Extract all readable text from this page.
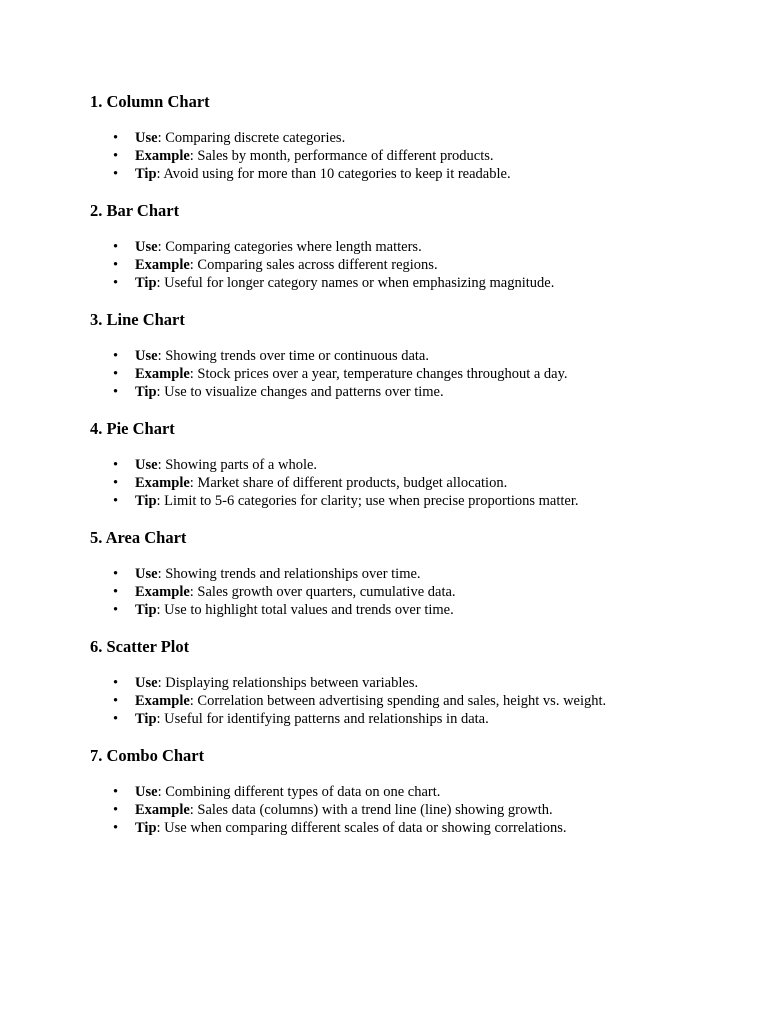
1. Column Chart
• Use: Comparing discrete categories.
• Example: Sales by month, performance of different products.
• Tip: Avoid using for more than 10 categories to keep it readable.
2. Bar Chart
• Use: Comparing categories where length matters.
• Example: Comparing sales across different regions.
• Tip: Useful for longer category names or when emphasizing magnitude.
3. Line Chart
• Use: Showing trends over time or continuous data.
• Example: Stock prices over a year, temperature changes throughout a day.
• Tip: Use to visualize changes and patterns over time.
4. Pie Chart
• Use: Showing parts of a whole.
• Example: Market share of different products, budget allocation.
• Tip: Limit to 5-6 categories for clarity; use when precise proportions matter.
5. Area Chart
• Use: Showing trends and relationships over time.
• Example: Sales growth over quarters, cumulative data.
• Tip: Use to highlight total values and trends over time.
6. Scatter Plot
• Use: Displaying relationships between variables.
• Example: Correlation between advertising spending and sales, height vs. weight.
• Tip: Useful for identifying patterns and relationships in data.
7. Combo Chart
• Use: Combining different types of data on one chart.
• Example: Sales data (columns) with a trend line (line) showing growth.
• Tip: Use when comparing different scales of data or showing correlations.
